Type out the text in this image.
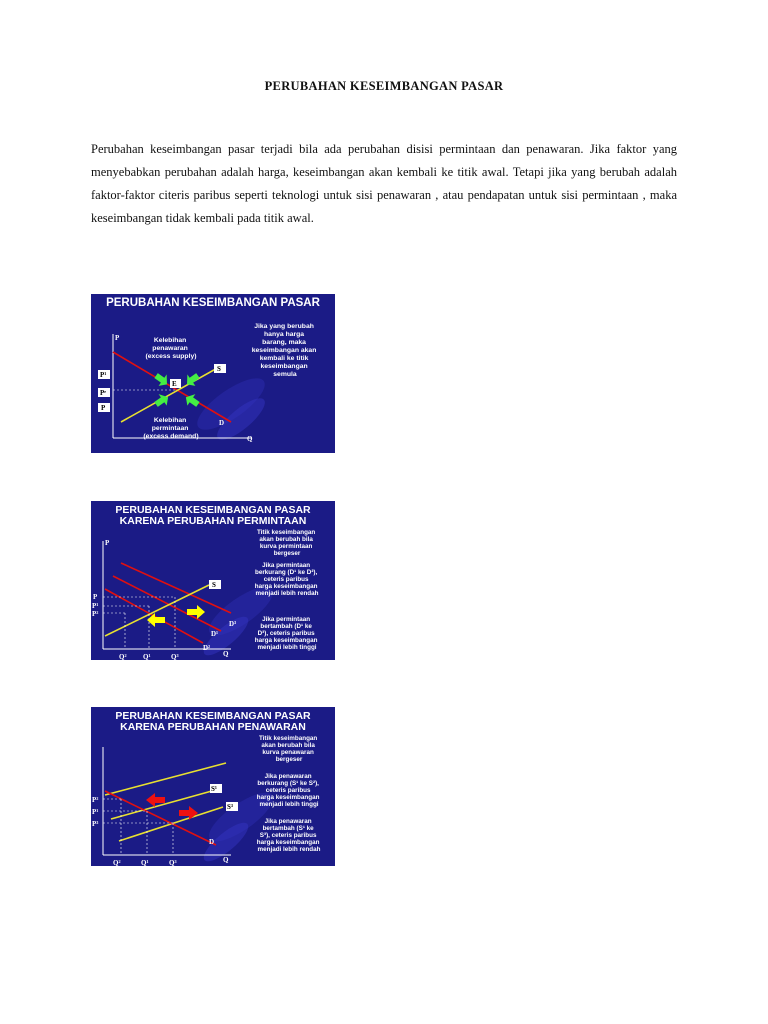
PERUBAHAN KESEIMBANGAN PASAR
Perubahan keseimbangan pasar terjadi bila ada perubahan disisi permintaan dan penawaran. Jika faktor yang menyebabkan perubahan adalah harga, keseimbangan akan kembali ke titik awal. Tetapi jika yang berubah adalah faktor-faktor citeris paribus seperti teknologi untuk sisi penawaran , atau pendapatan untuk sisi permintaan , maka keseimbangan tidak kembali pada titik awal.
PERUBAHAN KESEIMBANGAN PASAR
P
Q
P¹
Pᵉ
P
S
D
E
Kelebihan penawaran (excess supply)
Kelebihan permintaan (excess demand)
Jika yang berubah hanya harga barang, maka keseimbangan akan kembali ke titik keseimbangan semula
PERUBAHAN KESEIMBANGAN PASAR
KARENA PERUBAHAN PERMINTAAN
P
Q
P
P¹
P²
S
D³
D¹
D²
Q² Q¹	Q³
Titik keseimbangan akan berubah bila kurva permintaan bergeser
Jika permintaan berkurang (D¹ ke D²), ceteris paribus harga keseimbangan menjadi lebih rendah
Jika permintaan bertambah (D¹ ke D³), ceteris paribus harga keseimbangan menjadi lebih tinggi
PERUBAHAN KESEIMBANGAN PASAR
KARENA PERUBAHAN PENAWARAN
Q
P²
P¹
P³
S¹
S³
D
Q²	Q¹	Q³
Titik keseimbangan akan berubah bila kurva penawaran bergeser
Jika penawaran berkurang (S¹ ke S²), ceteris paribus harga keseimbangan menjadi lebih tinggi
Jika penawaran bertambah (S¹ ke S³), ceteris paribus harga keseimbangan menjadi lebih rendah
